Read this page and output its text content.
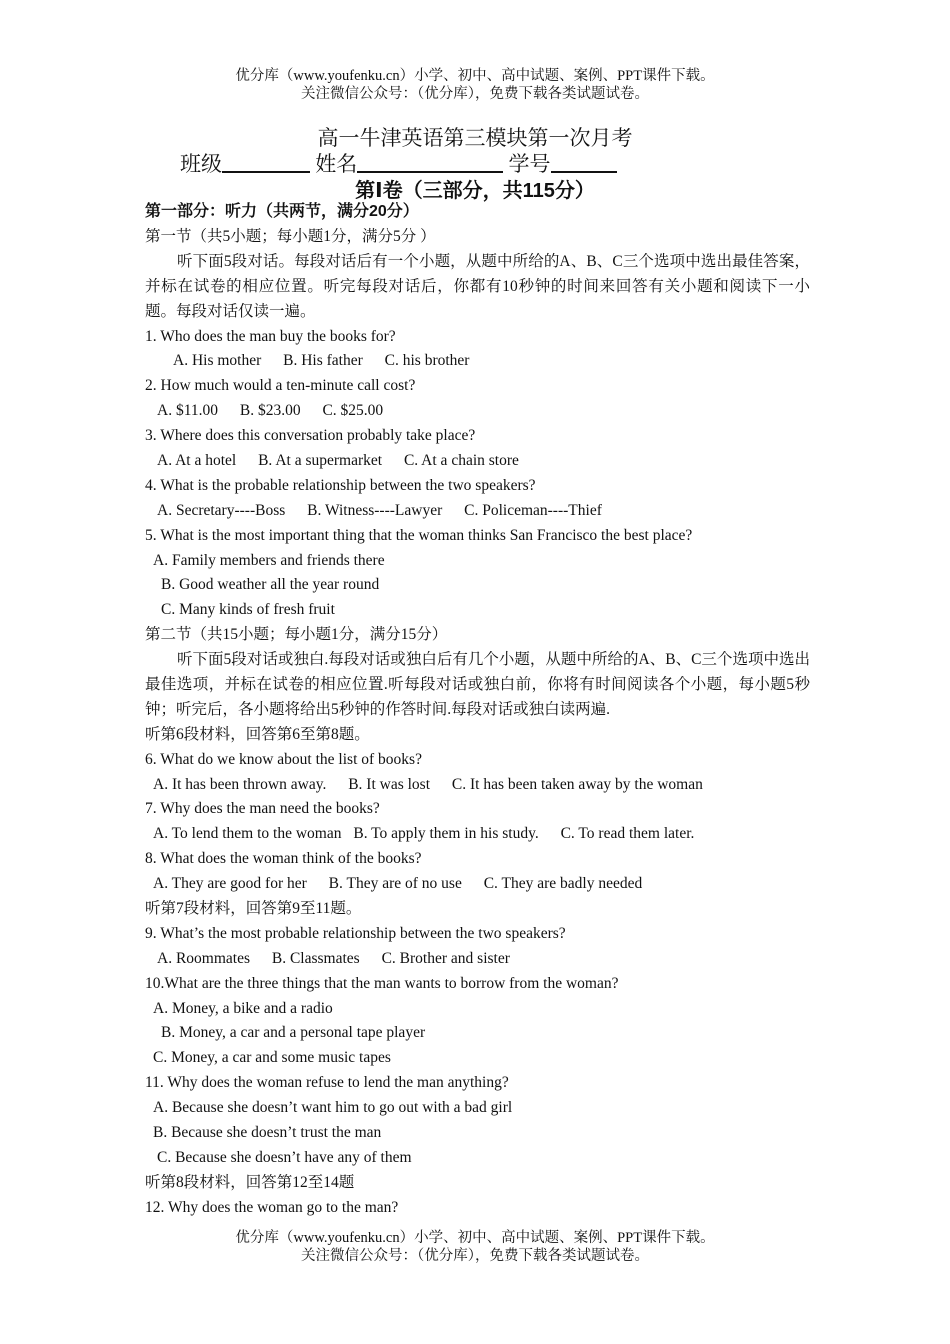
优分库（www.youfenku.cn）小学、初中、高中试题、案例、PPT课件下载。
关注微信公众号：（优分库），免费下载各类试题试卷。
高一牛津英语第三模块第一次月考
班级	姓名	学号
第Ⅰ卷（三部分，共115分）
第一部分：听力（共两节，满分20分）
第一节（共5小题；每小题1分，满分5分 ）
听下面5段对话。每段对话后有一个小题，从题中所给的A、B、C三个选项中选出最佳答案，并标在试卷的相应位置。听完每段对话后，你都有10秒钟的时间来回答有关小题和阅读下一小题。每段对话仅读一遍。
1. Who does the man buy the books for?
A. His mother B. His father C. his brother
2. How much would a ten-minute call cost?
A. $11.00 B. $23.00 C. $25.00
3. Where does this conversation probably take place?
A. At a hotel B. At a supermarket C. At a chain store
4. What is the probable relationship between the two speakers?
A. Secretary----Boss B. Witness----Lawyer C. Policeman----Thief
5. What is the most important thing that the woman thinks San Francisco the best place?
A. Family members and friends there
B. Good weather all the year round
C. Many kinds of fresh fruit
第二节（共15小题；每小题1分，满分15分）
听下面5段对话或独白.每段对话或独白后有几个小题，从题中所给的A、B、C三个选项中选出最佳选项，并标在试卷的相应位置.听每段对话或独白前，你将有时间阅读各个小题，每小题5秒钟；听完后，各小题将给出5秒钟的作答时间.每段对话或独白读两遍.
听第6段材料，回答第6至第8题。
6. What do we know about the list of books?
A. It has been thrown away. B. It was lost C. It has been taken away by the woman
7. Why does the man need the books?
A. To lend them to the woman B. To apply them in his study. C. To read them later.
8. What does the woman think of the books?
A. They are good for her B. They are of no use C. They are badly needed
听第7段材料，回答第9至11题。
9. What’s the most probable relationship between the two speakers?
A. Roommates B. Classmates C. Brother and sister
10.What are the three things that the man wants to borrow from the woman?
A. Money, a bike and a radio
B. Money, a car and a personal tape player
C. Money, a car and some music tapes
11. Why does the woman refuse to lend the man anything?
A. Because she doesn’t want him to go out with a bad girl
B. Because she doesn’t trust the man
C. Because she doesn’t have any of them
听第8段材料，回答第12至14题
12. Why does the woman go to the man?
优分库（www.youfenku.cn）小学、初中、高中试题、案例、PPT课件下载。
关注微信公众号：（优分库），免费下载各类试题试卷。
